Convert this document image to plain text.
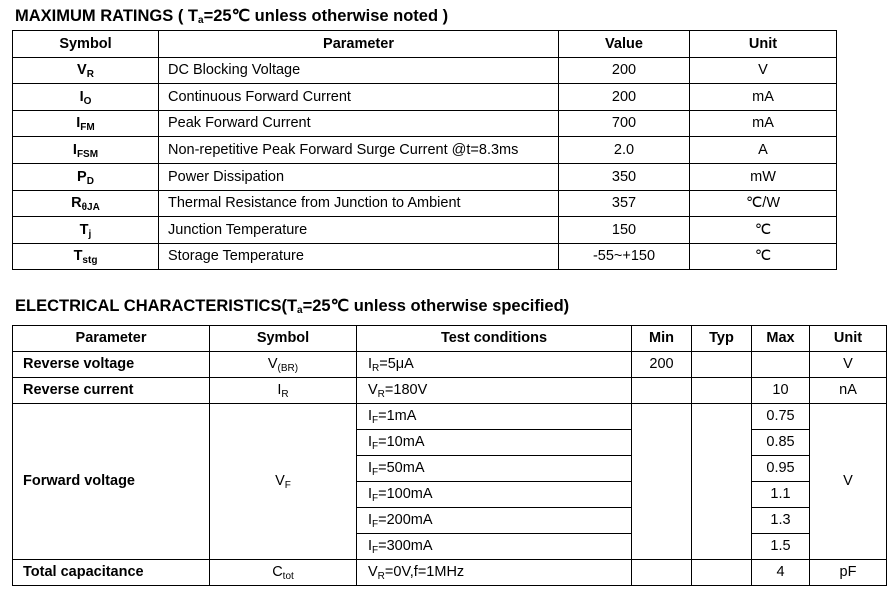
MAXIMUM RATINGS ( $T_a=25℃$ unless otherwise noted )
Symbol	Parameter	Value	Unit
$V_R$	DC Blocking Voltage	200	V
$I_O$	Continuous Forward Current	200	mA
$I_{FM}$	Peak Forward Current	700	mA
$I_{FSM}$	Non-repetitive Peak Forward Surge Current @t=8.3ms	2.0	A
$P_D$	Power Dissipation	350	mW
$R_{\theta JA}$	Thermal Resistance from Junction to Ambient	357	℃/W
$T_j$	Junction Temperature	150	℃
$T_{stg}$	Storage Temperature	-55~+150	℃
ELECTRICAL $CHARACTERISTICS(T_a=25℃$ unless otherwise specified)
Parameter	Symbol	Test conditions	Min	Typ	Max	Unit
Reverse voltage	$V_{(BR)}$	$I_R=5\mu A$	200			V
Reverse current	$I_R$	$V_R=180V$			10	nA
Forward voltage	$V_F$	$I_F=1mA$			0.75	V
		$I_F=10mA$			0.85	
		$I_F=50mA$			0.95	
		$I_F=100mA$			1.1	
		$I_F=200mA$			1.3	
		$I_F=300mA$			1.5	
Total capacitance	$C_{tot}$	$V_R=0V,f=1MHz$			4	pF
